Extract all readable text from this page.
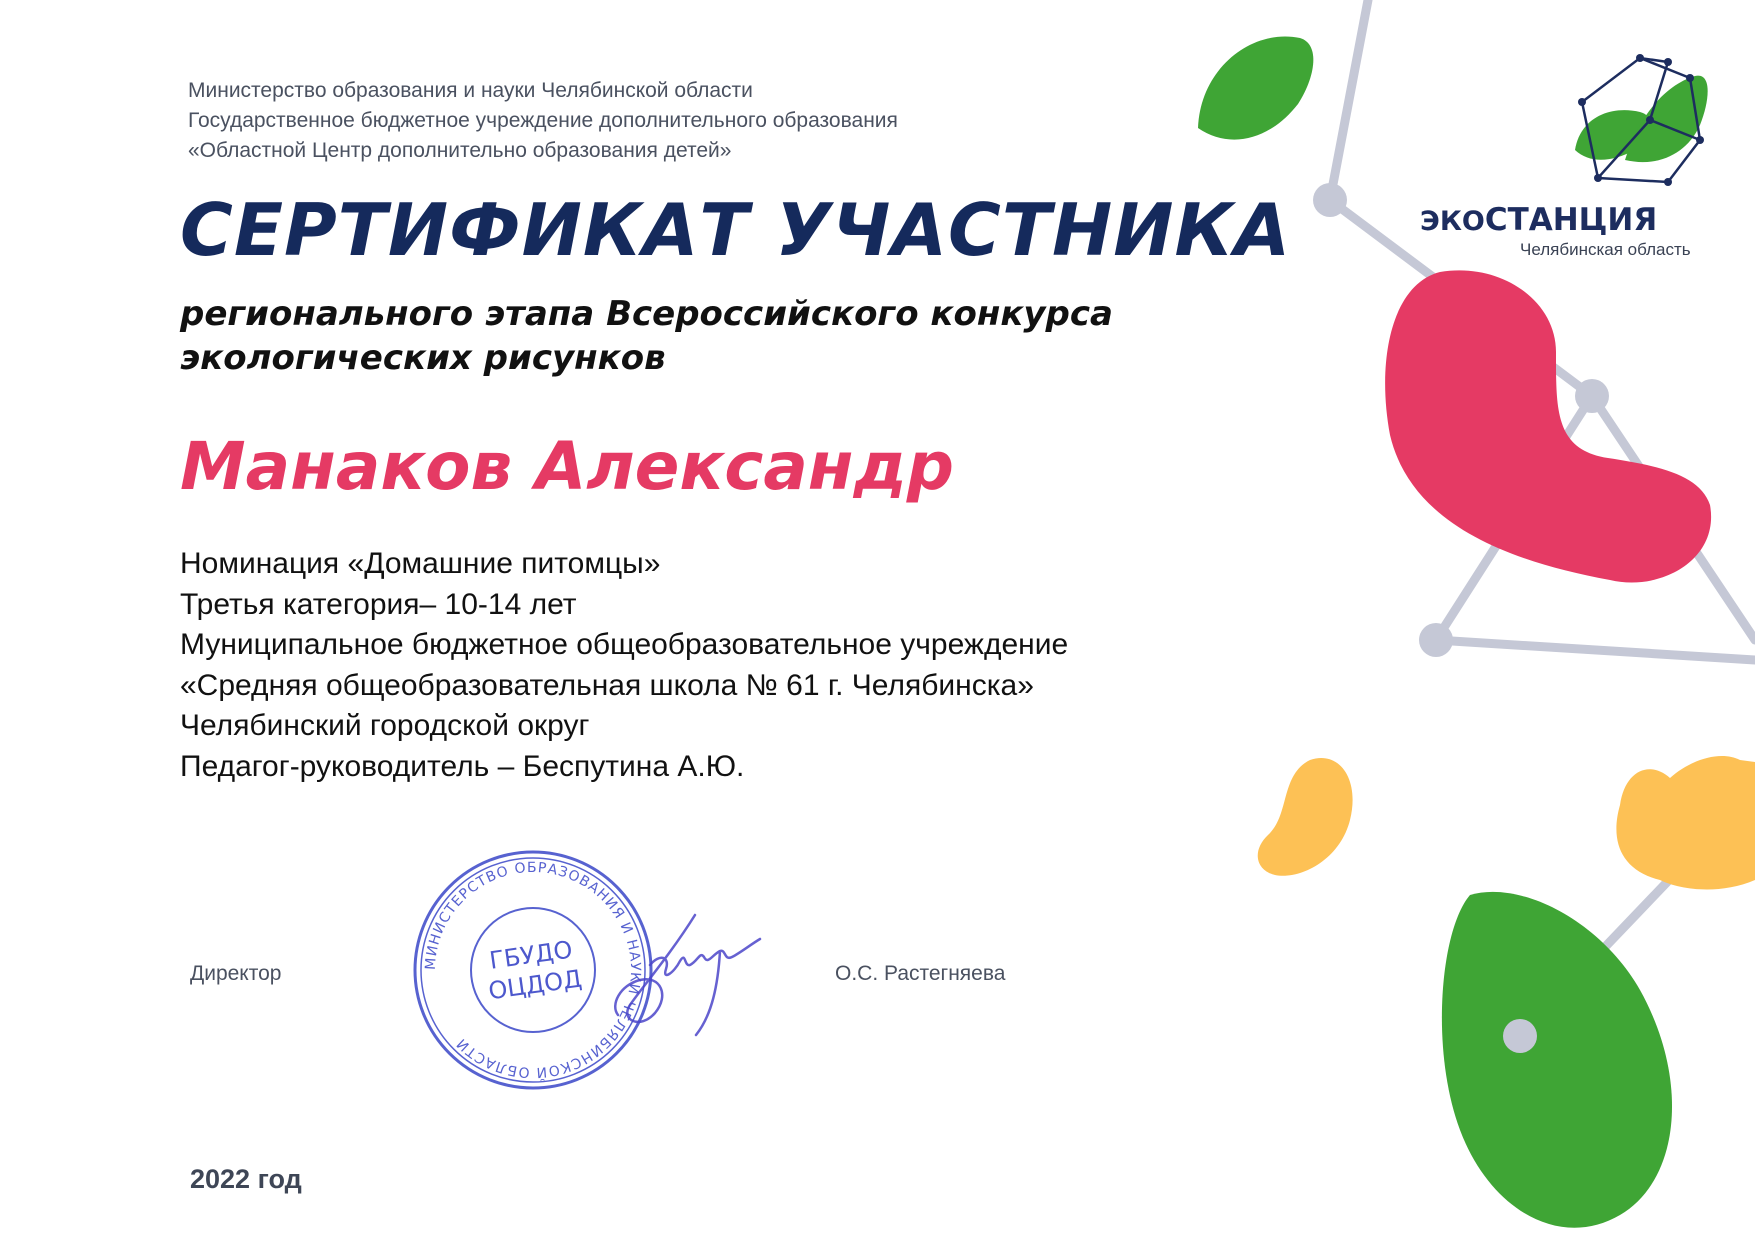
ЭКОСТАНЦИЯ
Челябинская область
Министерство образования и науки Челябинской области
Государственное бюджетное учреждение дополнительного образования
«Областной Центр дополнительно образования детей»
СЕРТИФИКАТ УЧАСТНИКА
регионального этапа Всероссийского конкурса
экологических рисунков
Манаков Александр
Номинация «Домашние питомцы»
Третья категория– 10-14 лет
Муниципальное бюджетное общеобразовательное учреждение
«Средняя общеобразовательная школа № 61 г. Челябинска»
Челябинский городской округ
Педагог-руководитель – Беспутина А.Ю.
МИНИСТЕРСТВО ОБРАЗОВАНИЯ И НАУКИ ЧЕЛЯБИНСКОЙ ОБЛАСТИ
ГБУДО
ОЦДОД
Директор	О.С. Растегняева
2022 год
